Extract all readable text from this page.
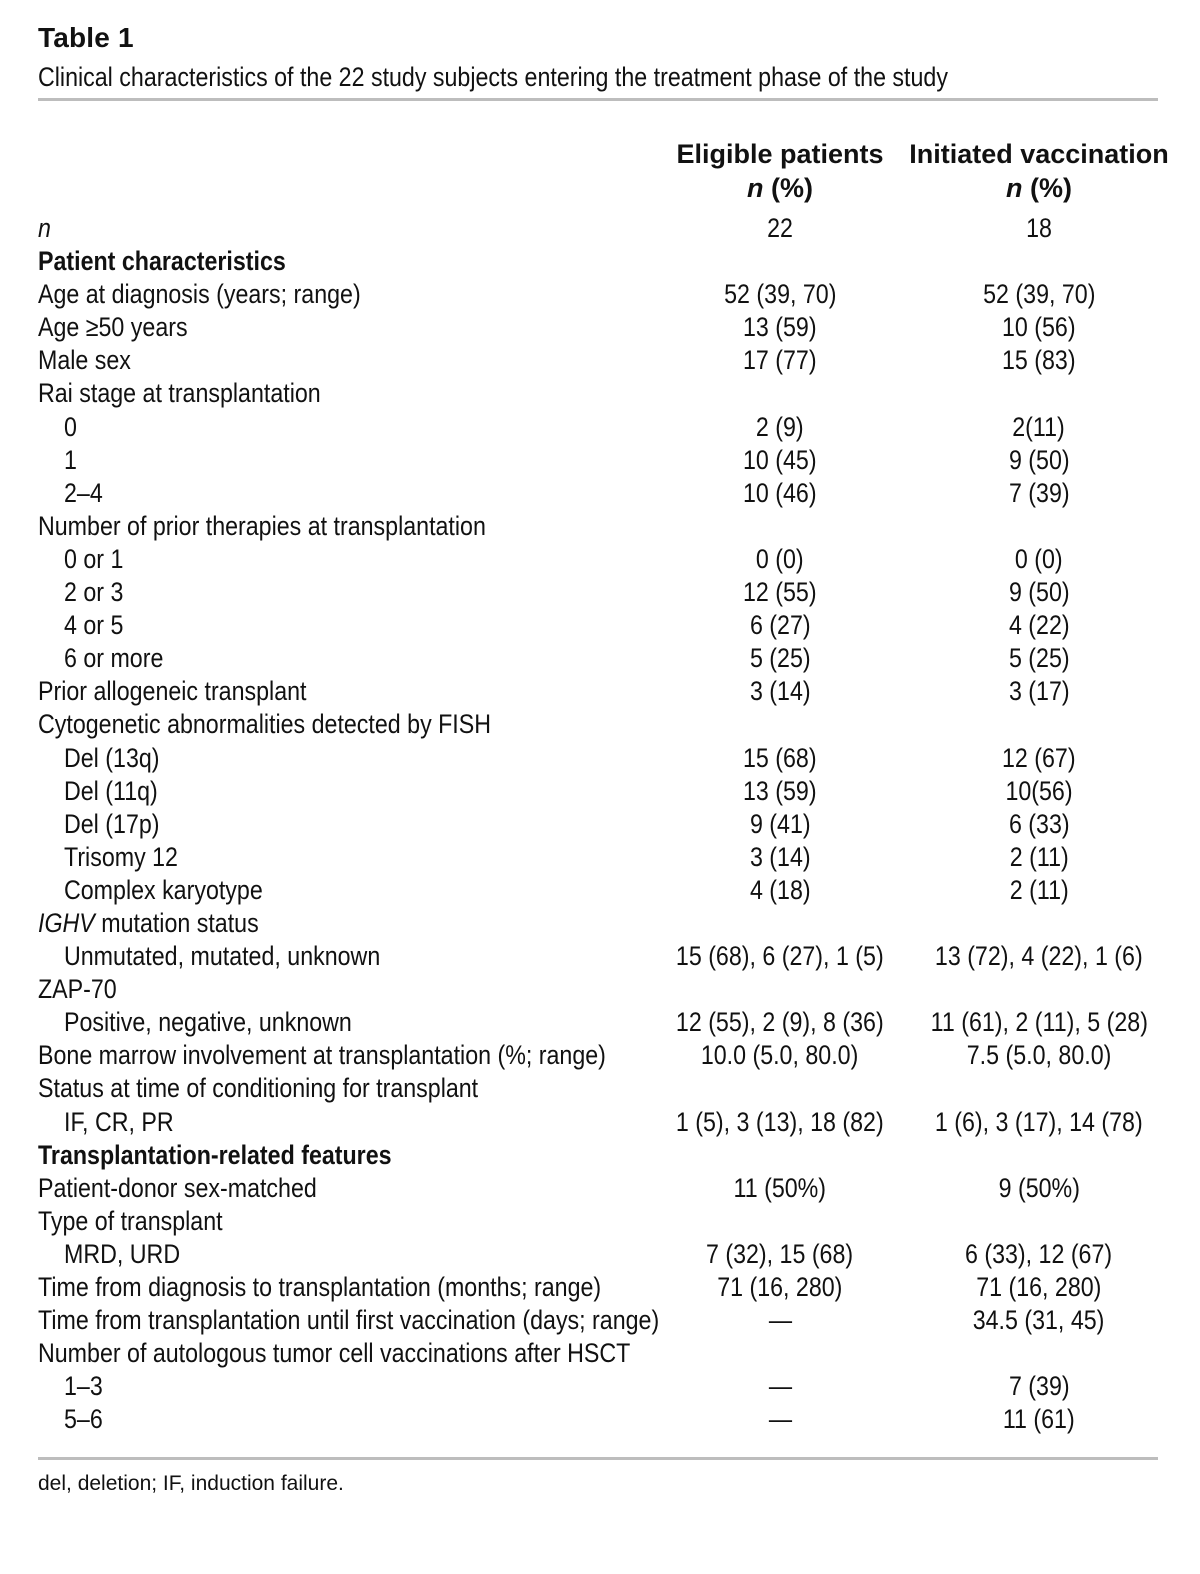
Table 1
Clinical characteristics of the 22 study subjects entering the treatment phase of the study
Eligible patients
n (%)
Initiated vaccination
n (%)
n	22	18
Patient characteristics
Age at diagnosis (years; range)	52 (39, 70)	52 (39, 70)
Age ≥50 years	13 (59)	10 (56)
Male sex	17 (77)	15 (83)
Rai stage at transplantation
0	2 (9)	2(11)
1	10 (45)	9 (50)
2–4	10 (46)	7 (39)
Number of prior therapies at transplantation
0 or 1	0 (0)	0 (0)
2 or 3	12 (55)	9 (50)
4 or 5	6 (27)	4 (22)
6 or more	5 (25)	5 (25)
Prior allogeneic transplant	3 (14)	3 (17)
Cytogenetic abnormalities detected by FISH
Del (13q)	15 (68)	12 (67)
Del (11q)	13 (59)	10(56)
Del (17p)	9 (41)	6 (33)
Trisomy 12	3 (14)	2 (11)
Complex karyotype	4 (18)	2 (11)
IGHV mutation status
Unmutated, mutated, unknown	15 (68), 6 (27), 1 (5)	13 (72), 4 (22), 1 (6)
ZAP-70
Positive, negative, unknown	12 (55), 2 (9), 8 (36)	11 (61), 2 (11), 5 (28)
Bone marrow involvement at transplantation (%; range)	10.0 (5.0, 80.0)	7.5 (5.0, 80.0)
Status at time of conditioning for transplant
IF, CR, PR	1 (5), 3 (13), 18 (82)	1 (6), 3 (17), 14 (78)
Transplantation-related features
Patient-donor sex-matched	11 (50%)	9 (50%)
Type of transplant
MRD, URD	7 (32), 15 (68)	6 (33), 12 (67)
Time from diagnosis to transplantation (months; range)	71 (16, 280)	71 (16, 280)
Time from transplantation until first vaccination (days; range)	—	34.5 (31, 45)
Number of autologous tumor cell vaccinations after HSCT
1–3	—	7 (39)
5–6	—	11 (61)
del, deletion; IF, induction failure.
